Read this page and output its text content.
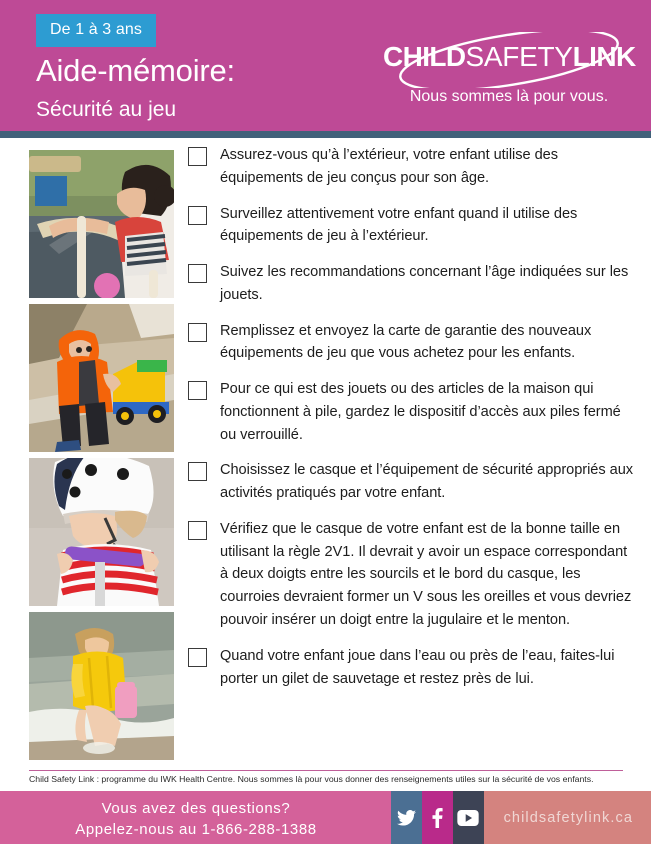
De 1 à 3 ans
Aide-mémoire:
Sécurité au jeu
CHILDSAFETYLINK
Nous sommes là pour vous.
Assurez-vous qu’à l’extérieur, votre enfant utilise des équipements de jeu conçus pour son âge.
Surveillez attentivement votre enfant quand il utilise des équipements de jeu à l’extérieur.
Suivez les recommandations concernant l’âge indiquées sur les jouets.
Remplissez et envoyez la carte de garantie des nouveaux équipements de jeu que vous achetez pour les enfants.
Pour ce qui est des jouets ou des articles de la maison qui fonctionnent à pile, gardez le dispositif d’accès aux piles fermé ou verrouillé.
Choisissez le casque et l’équipement de sécurité appropriés aux activités pratiqués par votre enfant.
Vérifiez que le casque de votre enfant est de la bonne taille en utilisant la règle 2V1. Il devrait y avoir un espace correspondant à deux doigts entre les sourcils et le bord du casque, les courroies devraient former un V sous les oreilles et vous devriez pouvoir insérer un doigt entre la jugulaire et le menton.
Quand votre enfant joue dans l’eau ou près de l’eau, faites-lui porter un gilet de sauvetage et restez près de lui.
Child Safety Link : programme du IWK Health Centre. Nous sommes là pour vous donner des renseignements utiles sur la sécurité de vos enfants.
Vous avez des questions?
Appelez-nous au 1-866-288-1388
childsafetylink.ca
